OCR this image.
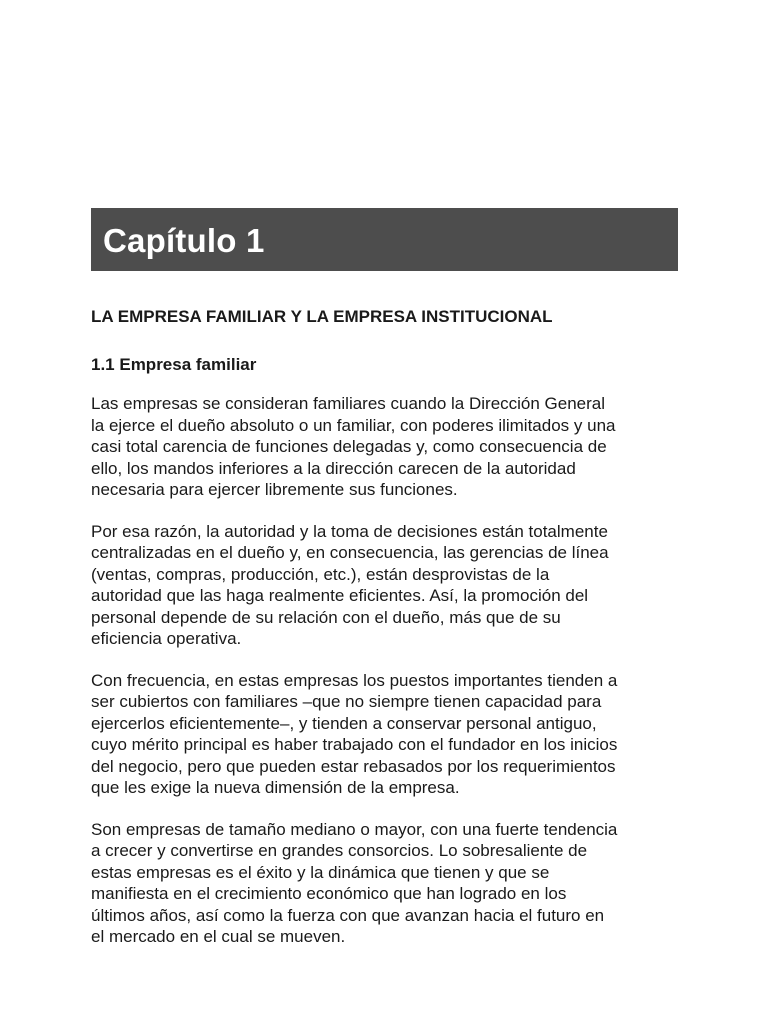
Capítulo 1
LA EMPRESA FAMILIAR Y LA EMPRESA INSTITUCIONAL
1.1 Empresa familiar

Las empresas se consideran familiares cuando la Dirección General
la ejerce el dueño absoluto o un familiar, con poderes ilimitados y una
casi total carencia de funciones delegadas y, como consecuencia de
ello, los mandos inferiores a la dirección carecen de la autoridad
necesaria para ejercer libremente sus funciones.

Por esa razón, la autoridad y la toma de decisiones están totalmente
centralizadas en el dueño y, en consecuencia, las gerencias de línea
(ventas, compras, producción, etc.), están desprovistas de la
autoridad que las haga realmente eficientes. Así, la promoción del
personal depende de su relación con el dueño, más que de su
eficiencia operativa.

Con frecuencia, en estas empresas los puestos importantes tienden a
ser cubiertos con familiares –que no siempre tienen capacidad para
ejercerlos eficientemente–, y tienden a conservar personal antiguo,
cuyo mérito principal es haber trabajado con el fundador en los inicios
del negocio, pero que pueden estar rebasados por los requerimientos
que les exige la nueva dimensión de la empresa.

Son empresas de tamaño mediano o mayor, con una fuerte tendencia
a crecer y convertirse en grandes consorcios. Lo sobresaliente de
estas empresas es el éxito y la dinámica que tienen y que se
manifiesta en el crecimiento económico que han logrado en los
últimos años, así como la fuerza con que avanzan hacia el futuro en
el mercado en el cual se mueven.
